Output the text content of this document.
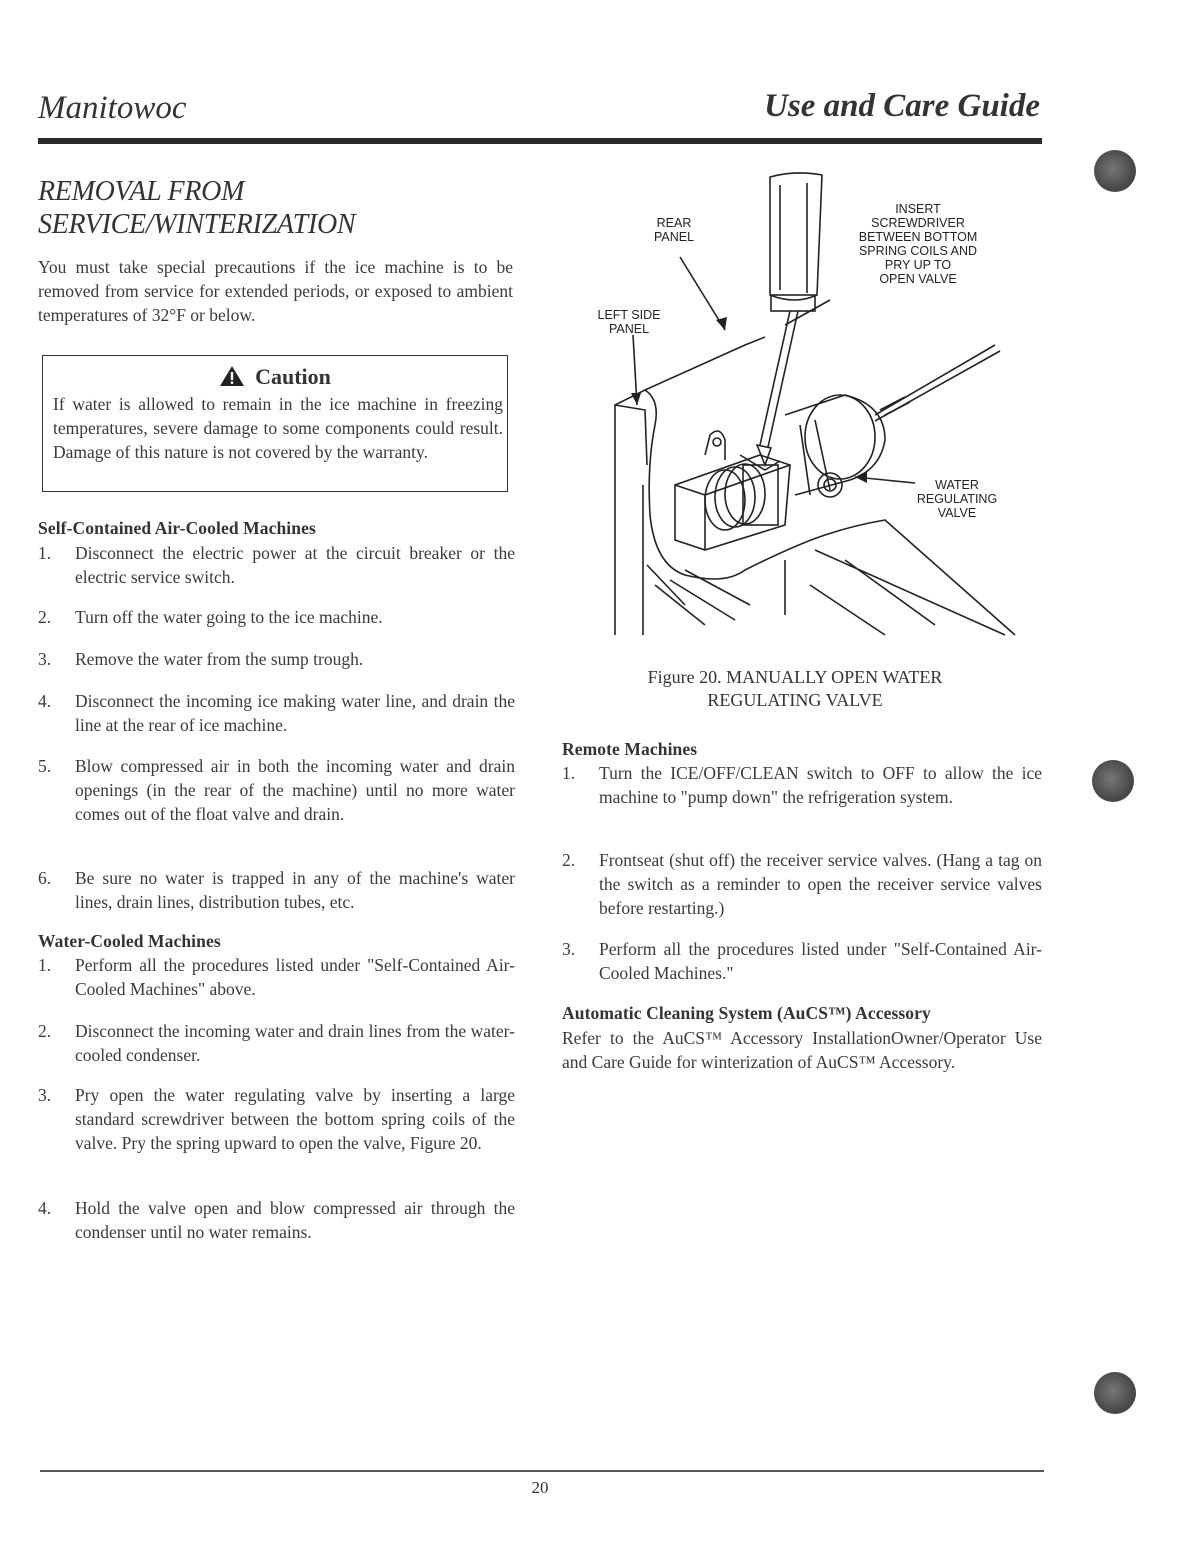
Manitowoc	Use and Care Guide
REMOVAL FROM
SERVICE/WINTERIZATION
You must take special precautions if the ice machine is to be removed from service for extended periods, or exposed to ambient temperatures of 32°F or below.
Caution
If water is allowed to remain in the ice machine in freezing temperatures, severe damage to some components could result. Damage of this nature is not covered by the warranty.
Self-Contained Air-Cooled Machines
1.	Disconnect the electric power at the circuit breaker or the electric service switch.
2.	Turn off the water going to the ice machine.
3.	Remove the water from the sump trough.
4.	Disconnect the incoming ice making water line, and drain the line at the rear of ice machine.
5.	Blow compressed air in both the incoming water and drain openings (in the rear of the machine) until no more water comes out of the float valve and drain.
6.	Be sure no water is trapped in any of the machine's water lines, drain lines, distribution tubes, etc.
Water-Cooled Machines
1.	Perform all the procedures listed under "Self-Contained Air-Cooled Machines" above.
2.	Disconnect the incoming water and drain lines from the water-cooled condenser.
3.	Pry open the water regulating valve by inserting a large standard screwdriver between the bottom spring coils of the valve. Pry the spring upward to open the valve, Figure 20.
4.	Hold the valve open and blow compressed air through the condenser until no water remains.
REAR
PANEL
LEFT SIDE
PANEL
INSERT
SCREWDRIVER
BETWEEN BOTTOM
SPRING COILS AND
PRY UP TO
OPEN VALVE
WATER
REGULATING
VALVE
Figure 20. MANUALLY OPEN WATER
REGULATING VALVE
Remote Machines
1.	Turn the ICE/OFF/CLEAN switch to OFF to allow the ice machine to "pump down" the refrigeration system.
2.	Frontseat (shut off) the receiver service valves. (Hang a tag on the switch as a reminder to open the receiver service valves before restarting.)
3.	Perform all the procedures listed under "Self-Contained Air-Cooled Machines."
Automatic Cleaning System (AuCS™) Accessory
Refer to the AuCS™ Accessory InstallationOwner/Operator Use and Care Guide for winterization of AuCS™ Accessory.
20
